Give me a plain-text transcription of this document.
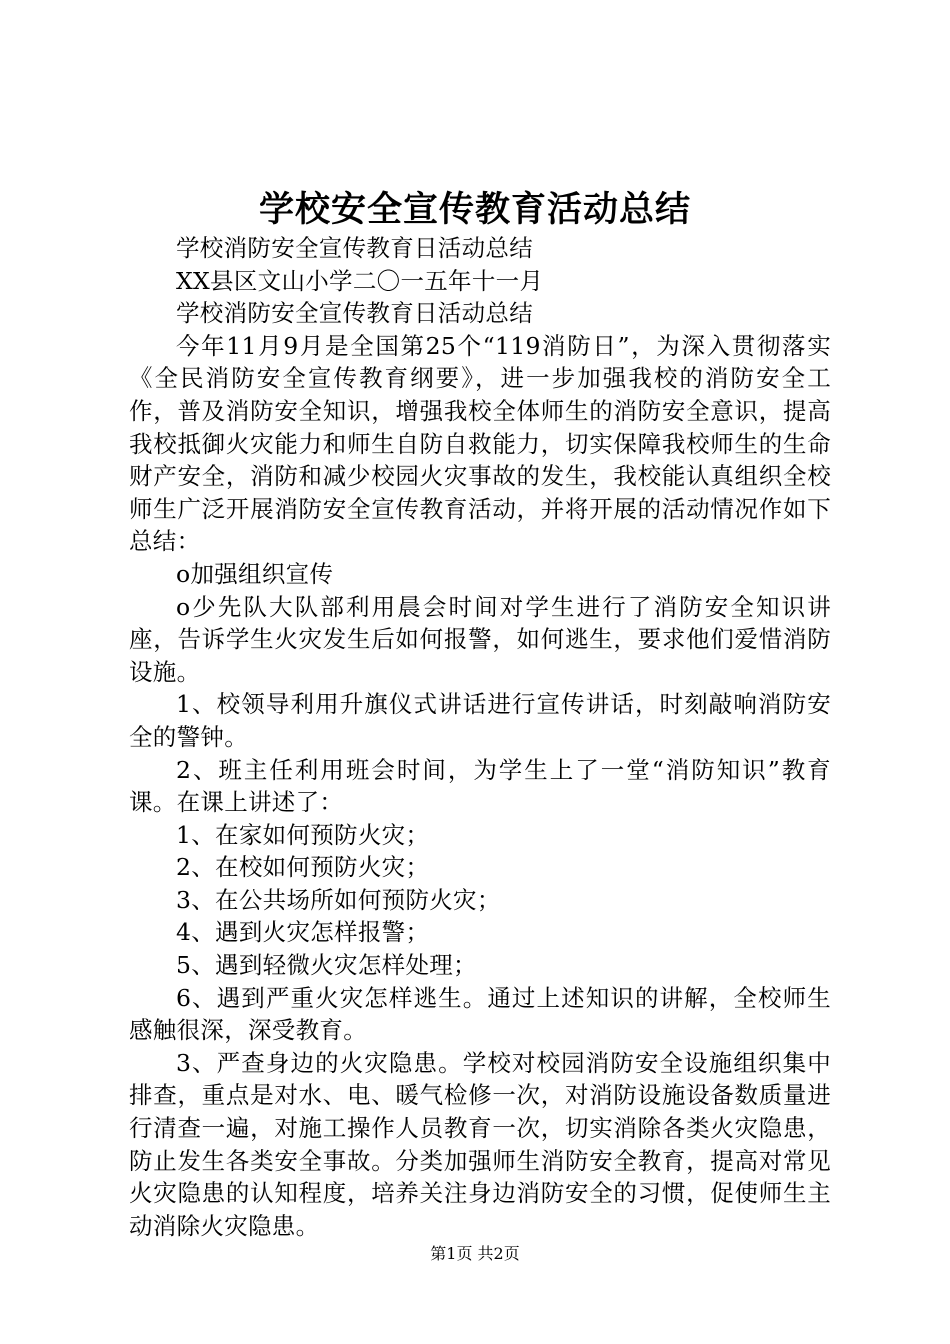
学校安全宣传教育活动总结

学校消防安全宣传教育日活动总结

XX县区文山小学二〇一五年十一月

学校消防安全宣传教育日活动总结

今年11月9月是全国第25个“119消防日”，为深入贯彻落实《全民消防安全宣传教育纲要》，进一步加强我校的消防安全工作，普及消防安全知识，增强我校全体师生的消防安全意识，提高我校抵御火灾能力和师生自防自救能力，切实保障我校师生的生命财产安全，消防和减少校园火灾事故的发生，我校能认真组织全校师生广泛开展消防安全宣传教育活动，并将开展的活动情况作如下总结：

o加强组织宣传

o少先队大队部利用晨会时间对学生进行了消防安全知识讲座，告诉学生火灾发生后如何报警，如何逃生，要求他们爱惜消防设施。

1、校领导利用升旗仪式讲话进行宣传讲话，时刻敲响消防安全的警钟。

2、班主任利用班会时间，为学生上了一堂“消防知识”教育课。在课上讲述了：

1、在家如何预防火灾；

2、在校如何预防火灾；

3、在公共场所如何预防火灾；

4、遇到火灾怎样报警；

5、遇到轻微火灾怎样处理；

6、遇到严重火灾怎样逃生。通过上述知识的讲解，全校师生感触很深，深受教育。

3、严查身边的火灾隐患。学校对校园消防安全设施组织集中排查，重点是对水、电、暖气检修一次，对消防设施设备数质量进行清查一遍，对施工操作人员教育一次，切实消除各类火灾隐患，防止发生各类安全事故。分类加强师生消防安全教育，提高对常见火灾隐患的认知程度，培养关注身边消防安全的习惯，促使师生主动消除火灾隐患。

第1页 共2页
